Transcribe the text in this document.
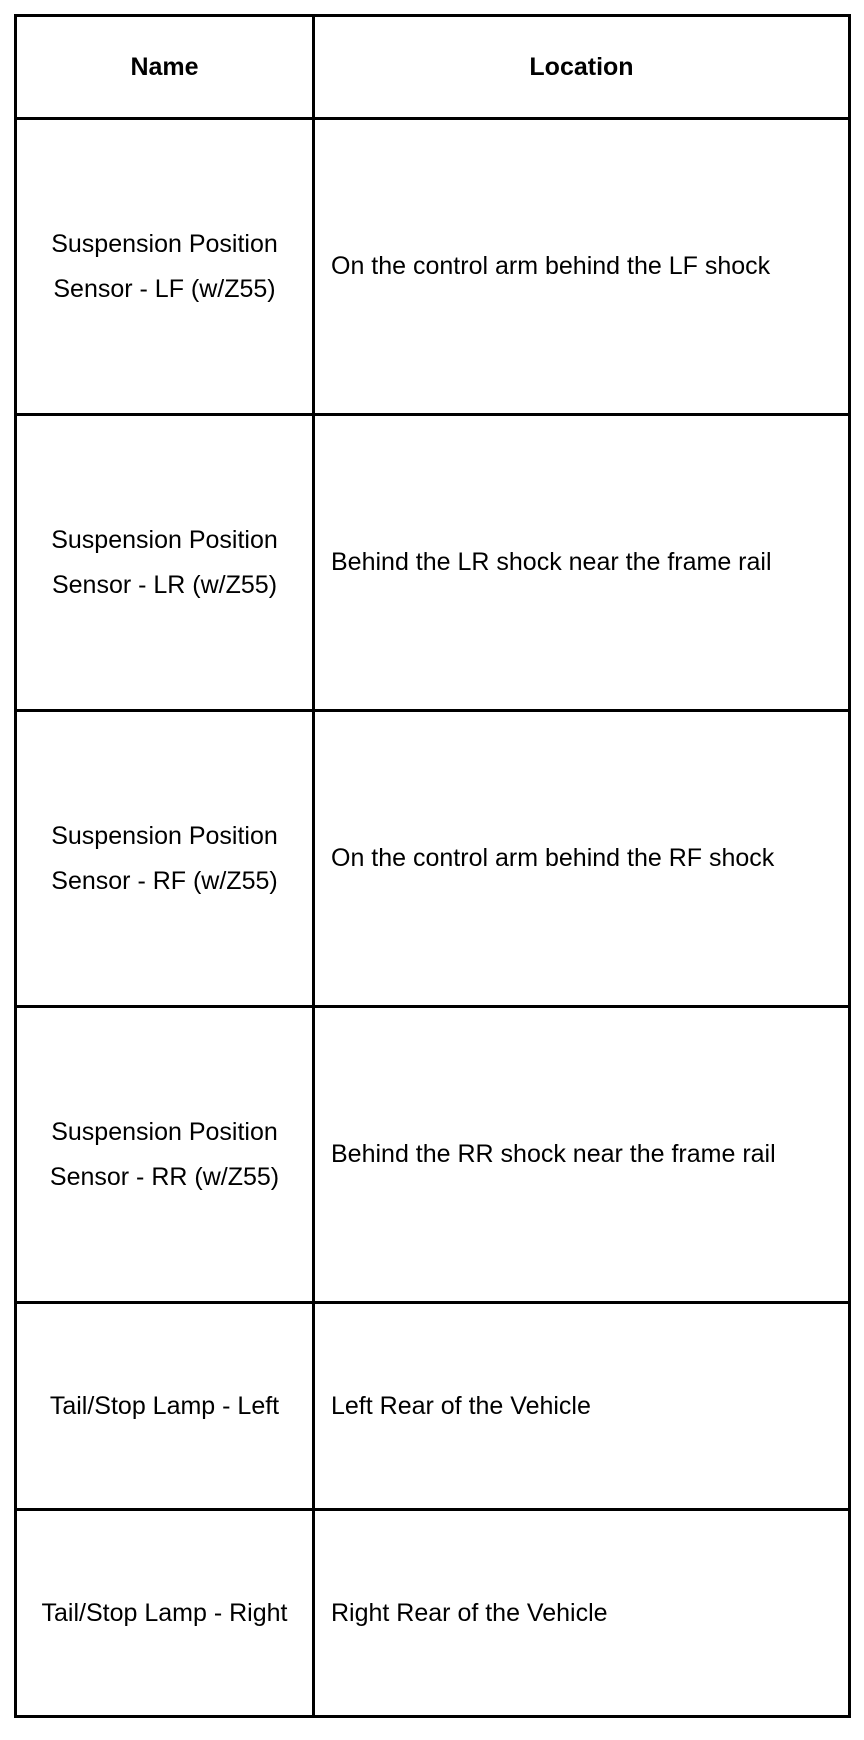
Name	Location

Suspension Position Sensor - LF (w/Z55)	On the control arm behind the LF shock

Suspension Position Sensor - LR (w/Z55)	Behind the LR shock near the frame rail

Suspension Position Sensor - RF (w/Z55)	On the control arm behind the RF shock

Suspension Position Sensor - RR (w/Z55)	Behind the RR shock near the frame rail

Tail/Stop Lamp - Left	Left Rear of the Vehicle

Tail/Stop Lamp - Right	Right Rear of the Vehicle
